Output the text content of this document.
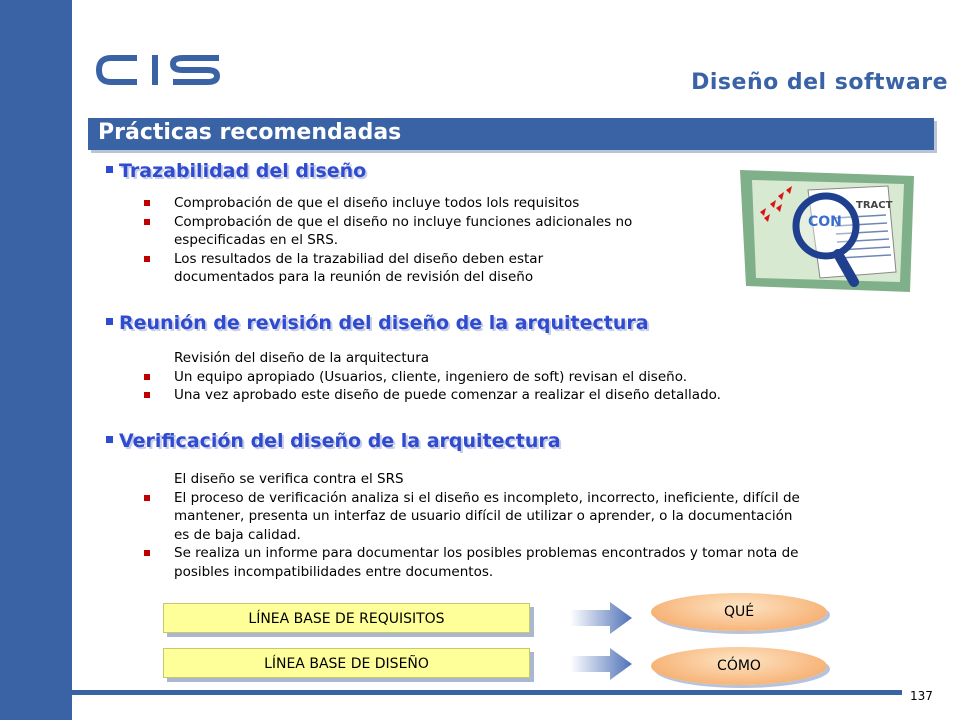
Diseño del software
Prácticas recomendadas
Trazabilidad del diseño
Comprobación de que el diseño incluye todos lols requisitos
Comprobación de que el diseño no incluye funciones adicionales no
especificadas en el SRS.
Los resultados de la trazabiliad del diseño deben estar
documentados para la reunión de revisión del diseño
TRACT
CON
Reunión de revisión del diseño de la arquitectura
Revisión del diseño de la arquitectura
Un equipo apropiado (Usuarios, cliente, ingeniero de soft) revisan el diseño.
Una vez aprobado este diseño de puede comenzar a realizar el diseño detallado.
Verificación del diseño de la arquitectura
El diseño se verifica contra el SRS
El proceso de verificación analiza si el diseño es incompleto, incorrecto, ineficiente, difícil de
mantener, presenta un interfaz de usuario difícil de utilizar o aprender, o la documentación
es de baja calidad.
Se realiza un informe para documentar los posibles problemas encontrados y tomar nota de
posibles incompatibilidades entre documentos.
LÍNEA BASE DE REQUISITOS
LÍNEA BASE DE DISEÑO
QUÉ
CÓMO
137
